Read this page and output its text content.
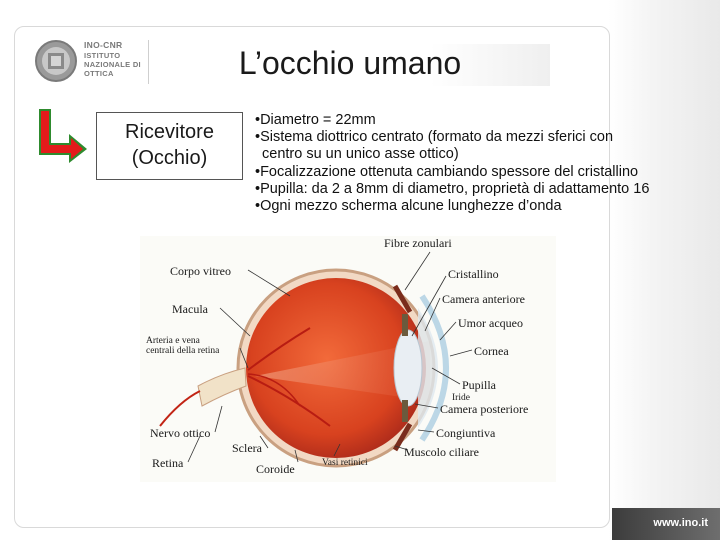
INO-CNR
ISTITUTO
NAZIONALE DI
OTTICA	L’occhio umano
Ricevitore
(Occhio)
•Diametro = 22mm
•Sistema diottrico centrato (formato da mezzi sferici con
centro su un unico asse ottico)
•Focalizzazione ottenuta cambiando spessore del cristallino
•Pupilla: da 2 a 8mm di diametro, proprietà di adattamento 16
•Ogni mezzo scherma alcune lunghezze d’onda
Fibre zonulari
Corpo vitreo	Cristallino
Camera anteriore
Macula
Umor acqueo
Arteria e vena
centrali della retina	Cornea
Pupilla
Iride
Camera posteriore
Nervo ottico	Congiuntiva
Sclera	Muscolo ciliare
Retina	Coroide	Vasi retinici
www.ino.it
